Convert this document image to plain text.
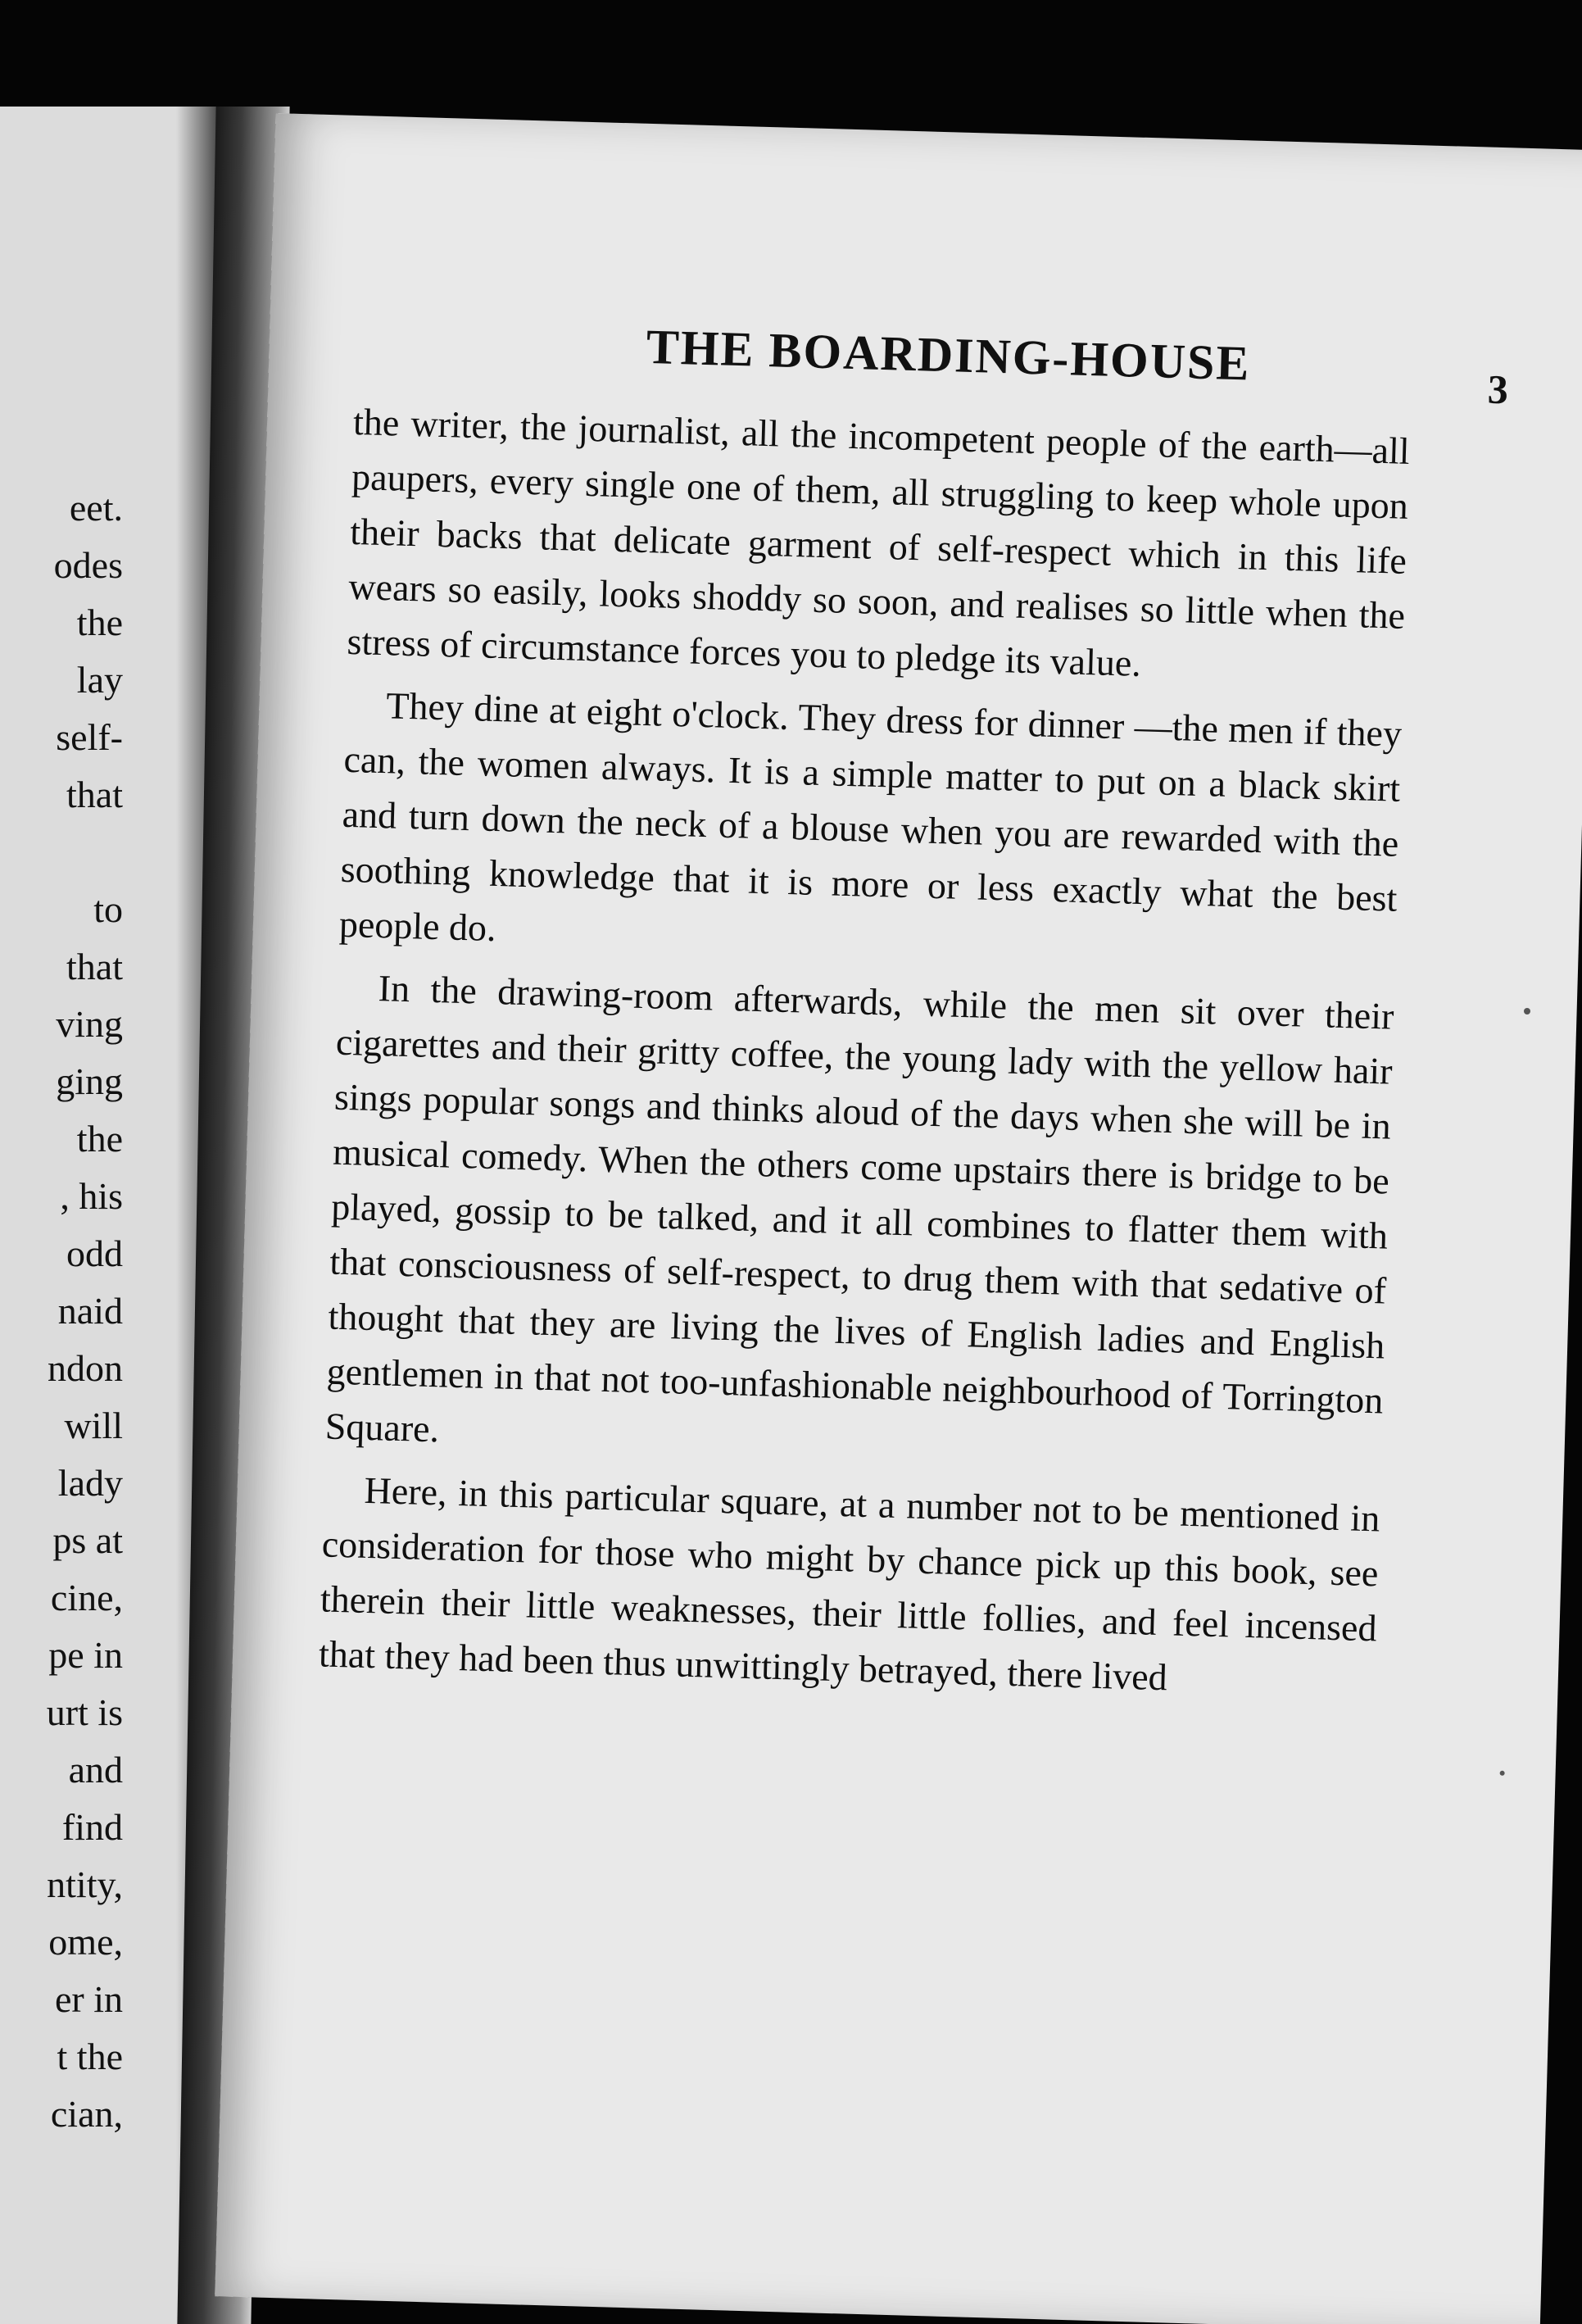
eet.
odes
the
lay
self-
that
to
that
ving
ging
the
, his
odd
naid
ndon
will
lady
ps at
cine,
pe in
urt is
and
find
ntity,
ome,
er in
t the
cian,
THE BOARDING-HOUSE	3

the writer, the journalist, all the incompetent people of the earth—all paupers, every single one of them, all struggling to keep whole upon their backs that delicate garment of self-respect which in this life wears so easily, looks shoddy so soon, and realises so little when the stress of circumstance forces you to pledge its value.

They dine at eight o'clock. They dress for dinner —the men if they can, the women always. It is a simple matter to put on a black skirt and turn down the neck of a blouse when you are rewarded with the soothing knowledge that it is more or less exactly what the best people do.

In the drawing-room afterwards, while the men sit over their cigarettes and their gritty coffee, the young lady with the yellow hair sings popular songs and thinks aloud of the days when she will be in musical comedy. When the others come upstairs there is bridge to be played, gossip to be talked, and it all combines to flatter them with that consciousness of self-respect, to drug them with that sedative of thought that they are living the lives of English ladies and English gentlemen in that not too-unfashionable neighbourhood of Torrington Square.

Here, in this particular square, at a number not to be mentioned in consideration for those who might by chance pick up this book, see therein their little weaknesses, their little follies, and feel incensed that they had been thus unwittingly betrayed, there lived
